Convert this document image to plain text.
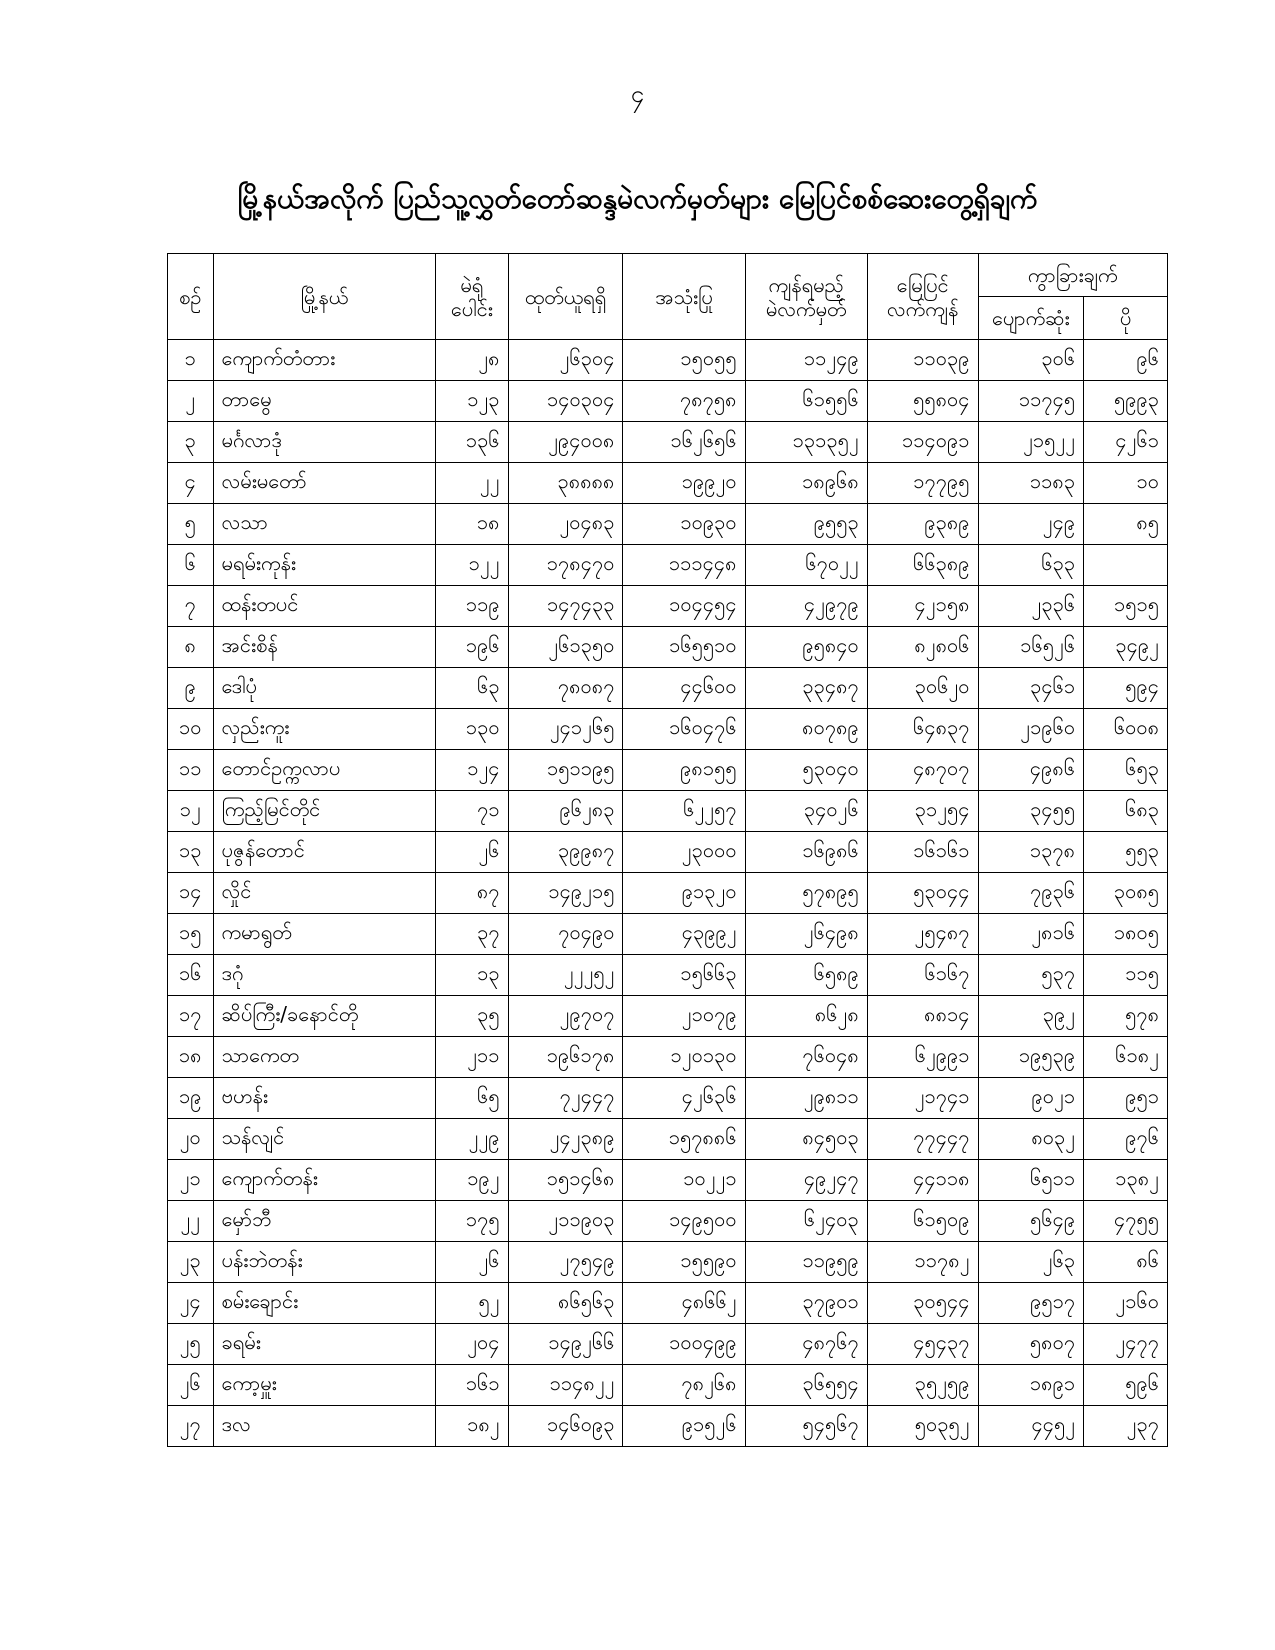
၄
မြို့နယ်အလိုက် ပြည်သူ့လွှတ်တော်ဆန္ဒမဲလက်မှတ်များ မြေပြင်စစ်ဆေးတွေ့ရှိချက်
စဉ်	မြို့နယ်	မဲရုံ
ပေါင်း	ထုတ်ယူရရှိ	အသုံးပြု	ကျန်ရမည့်
မဲလက်မှတ်	မြေပြင်
လက်ကျန်	ကွာခြားချက်	
							ပျောက်ဆုံး	ပို
၁	ကျောက်တံတား	၂၈	၂၆၃၀၄	၁၅၀၅၅	၁၁၂၄၉	၁၁၀၃၉	၃၀၆	၉၆
၂	တာမွေ	၁၂၃	၁၄၀၃၀၄	၇၈၇၅၈	၆၁၅၅၆	၅၅၈၀၄	၁၁၇၄၅	၅၉၉၃
၃	မင်္ဂလာဒုံ	၁၃၆	၂၉၄၀၀၈	၁၆၂၆၅၆	၁၃၁၃၅၂	၁၁၄၀၉၁	၂၁၅၂၂	၄၂၆၁
၄	လမ်းမတော်	၂၂	၃၈၈၈၈	၁၉၉၂၀	၁၈၉၆၈	၁၇၇၉၅	၁၁၈၃	၁၀
၅	လသာ	၁၈	၂၀၄၈၃	၁၀၉၃၀	၉၅၅၃	၉၃၈၉	၂၄၉	၈၅
၆	မရမ်းကုန်း	၁၂၂	၁၇၈၄၇၀	၁၁၁၄၄၈	၆၇၀၂၂	၆၆၃၈၉	၆၃၃	
၇	ထန်းတပင်	၁၁၉	၁၄၇၄၃၃	၁၀၄၄၅၄	၄၂၉၇၉	၄၂၁၅၈	၂၃၃၆	၁၅၁၅
၈	အင်းစိန်	၁၉၆	၂၆၁၃၅၀	၁၆၅၅၁၀	၉၅၈၄၀	၈၂၈၀၆	၁၆၅၂၆	၃၄၉၂
၉	ဒေါပုံ	၆၃	၇၈၀၈၇	၄၄၆၀၀	၃၃၄၈၇	၃၀၆၂၀	၃၄၆၁	၅၉၄
၁၀	လှည်းကူး	၁၃၀	၂၄၁၂၆၅	၁၆၀၄၇၆	၈၀၇၈၉	၆၄၈၃၇	၂၁၉၆၀	၆၀၀၈
၁၁	တောင်ဥက္ကလာပ	၁၂၄	၁၅၁၁၉၅	၉၈၁၅၅	၅၃၀၄၀	၄၈၇၀၇	၄၉၈၆	၆၅၃
၁၂	ကြည့်မြင်တိုင်	၇၁	၉၆၂၈၃	၆၂၂၅၇	၃၄၀၂၆	၃၁၂၅၄	၃၄၅၅	၆၈၃
၁၃	ပုဇွန်တောင်	၂၆	၃၉၉၈၇	၂၃၀၀၀	၁၆၉၈၆	၁၆၁၆၁	၁၃၇၈	၅၅၃
၁၄	လှိုင်	၈၇	၁၄၉၂၁၅	၉၁၃၂၀	၅၇၈၉၅	၅၃၀၄၄	၇၉၃၆	၃၀၈၅
၁၅	ကမာရွတ်	၃၇	၇၀၄၉၀	၄၃၉၉၂	၂၆၄၉၈	၂၅၄၈၇	၂၈၁၆	၁၈၀၅
၁၆	ဒဂုံ	၁၃	၂၂၂၅၂	၁၅၆၆၃	၆၅၈၉	၆၁၆၇	၅၃၇	၁၁၅
၁၇	ဆိပ်ကြီး/ခနောင်တို	၃၅	၂၉၇၀၇	၂၁၀၇၉	၈၆၂၈	၈၈၁၄	၃၉၂	၅၇၈
၁၈	သာကေတ	၂၁၁	၁၉၆၁၇၈	၁၂၀၁၃၀	၇၆၀၄၈	၆၂၉၉၁	၁၉၅၃၉	၆၁၈၂
၁၉	ဗဟန်း	၆၅	၇၂၄၄၇	၄၂၆၃၆	၂၉၈၁၁	၂၁၇၄၁	၉၀၂၁	၉၅၁
၂၀	သန်လျင်	၂၂၉	၂၄၂၃၈၉	၁၅၇၈၈၆	၈၄၅၀၃	၇၇၄၄၇	၈၀၃၂	၉၇၆
၂၁	ကျောက်တန်း	၁၉၂	၁၅၁၄၆၈	၁၀၂၂၁	၄၉၂၄၇	၄၄၁၁၈	၆၅၁၁	၁၃၈၂
၂၂	မှော်ဘီ	၁၇၅	၂၁၁၉၀၃	၁၄၉၅၀၀	၆၂၄၀၃	၆၁၅၀၉	၅၆၄၉	၄၇၅၅
၂၃	ပန်းဘဲတန်း	၂၆	၂၇၅၄၉	၁၅၅၉၀	၁၁၉၅၉	၁၁၇၈၂	၂၆၃	၈၆
၂၄	စမ်းချောင်း	၅၂	၈၆၅၆၃	၄၈၆၆၂	၃၇၉၀၁	၃၀၅၄၄	၉၅၁၇	၂၁၆၀
၂၅	ခရမ်း	၂၀၄	၁၄၉၂၆၆	၁၀၀၄၉၉	၄၈၇၆၇	၄၅၄၃၇	၅၈၀၇	၂၄၇၇
၂၆	ကော့မှူး	၁၆၁	၁၁၄၈၂၂	၇၈၂၆၈	၃၆၅၅၄	၃၅၂၅၉	၁၈၉၁	၅၉၆
၂၇	ဒလ	၁၈၂	၁၄၆၀၉၃	၉၁၅၂၆	၅၄၅၆၇	၅၀၃၅၂	၄၄၅၂	၂၃၇
